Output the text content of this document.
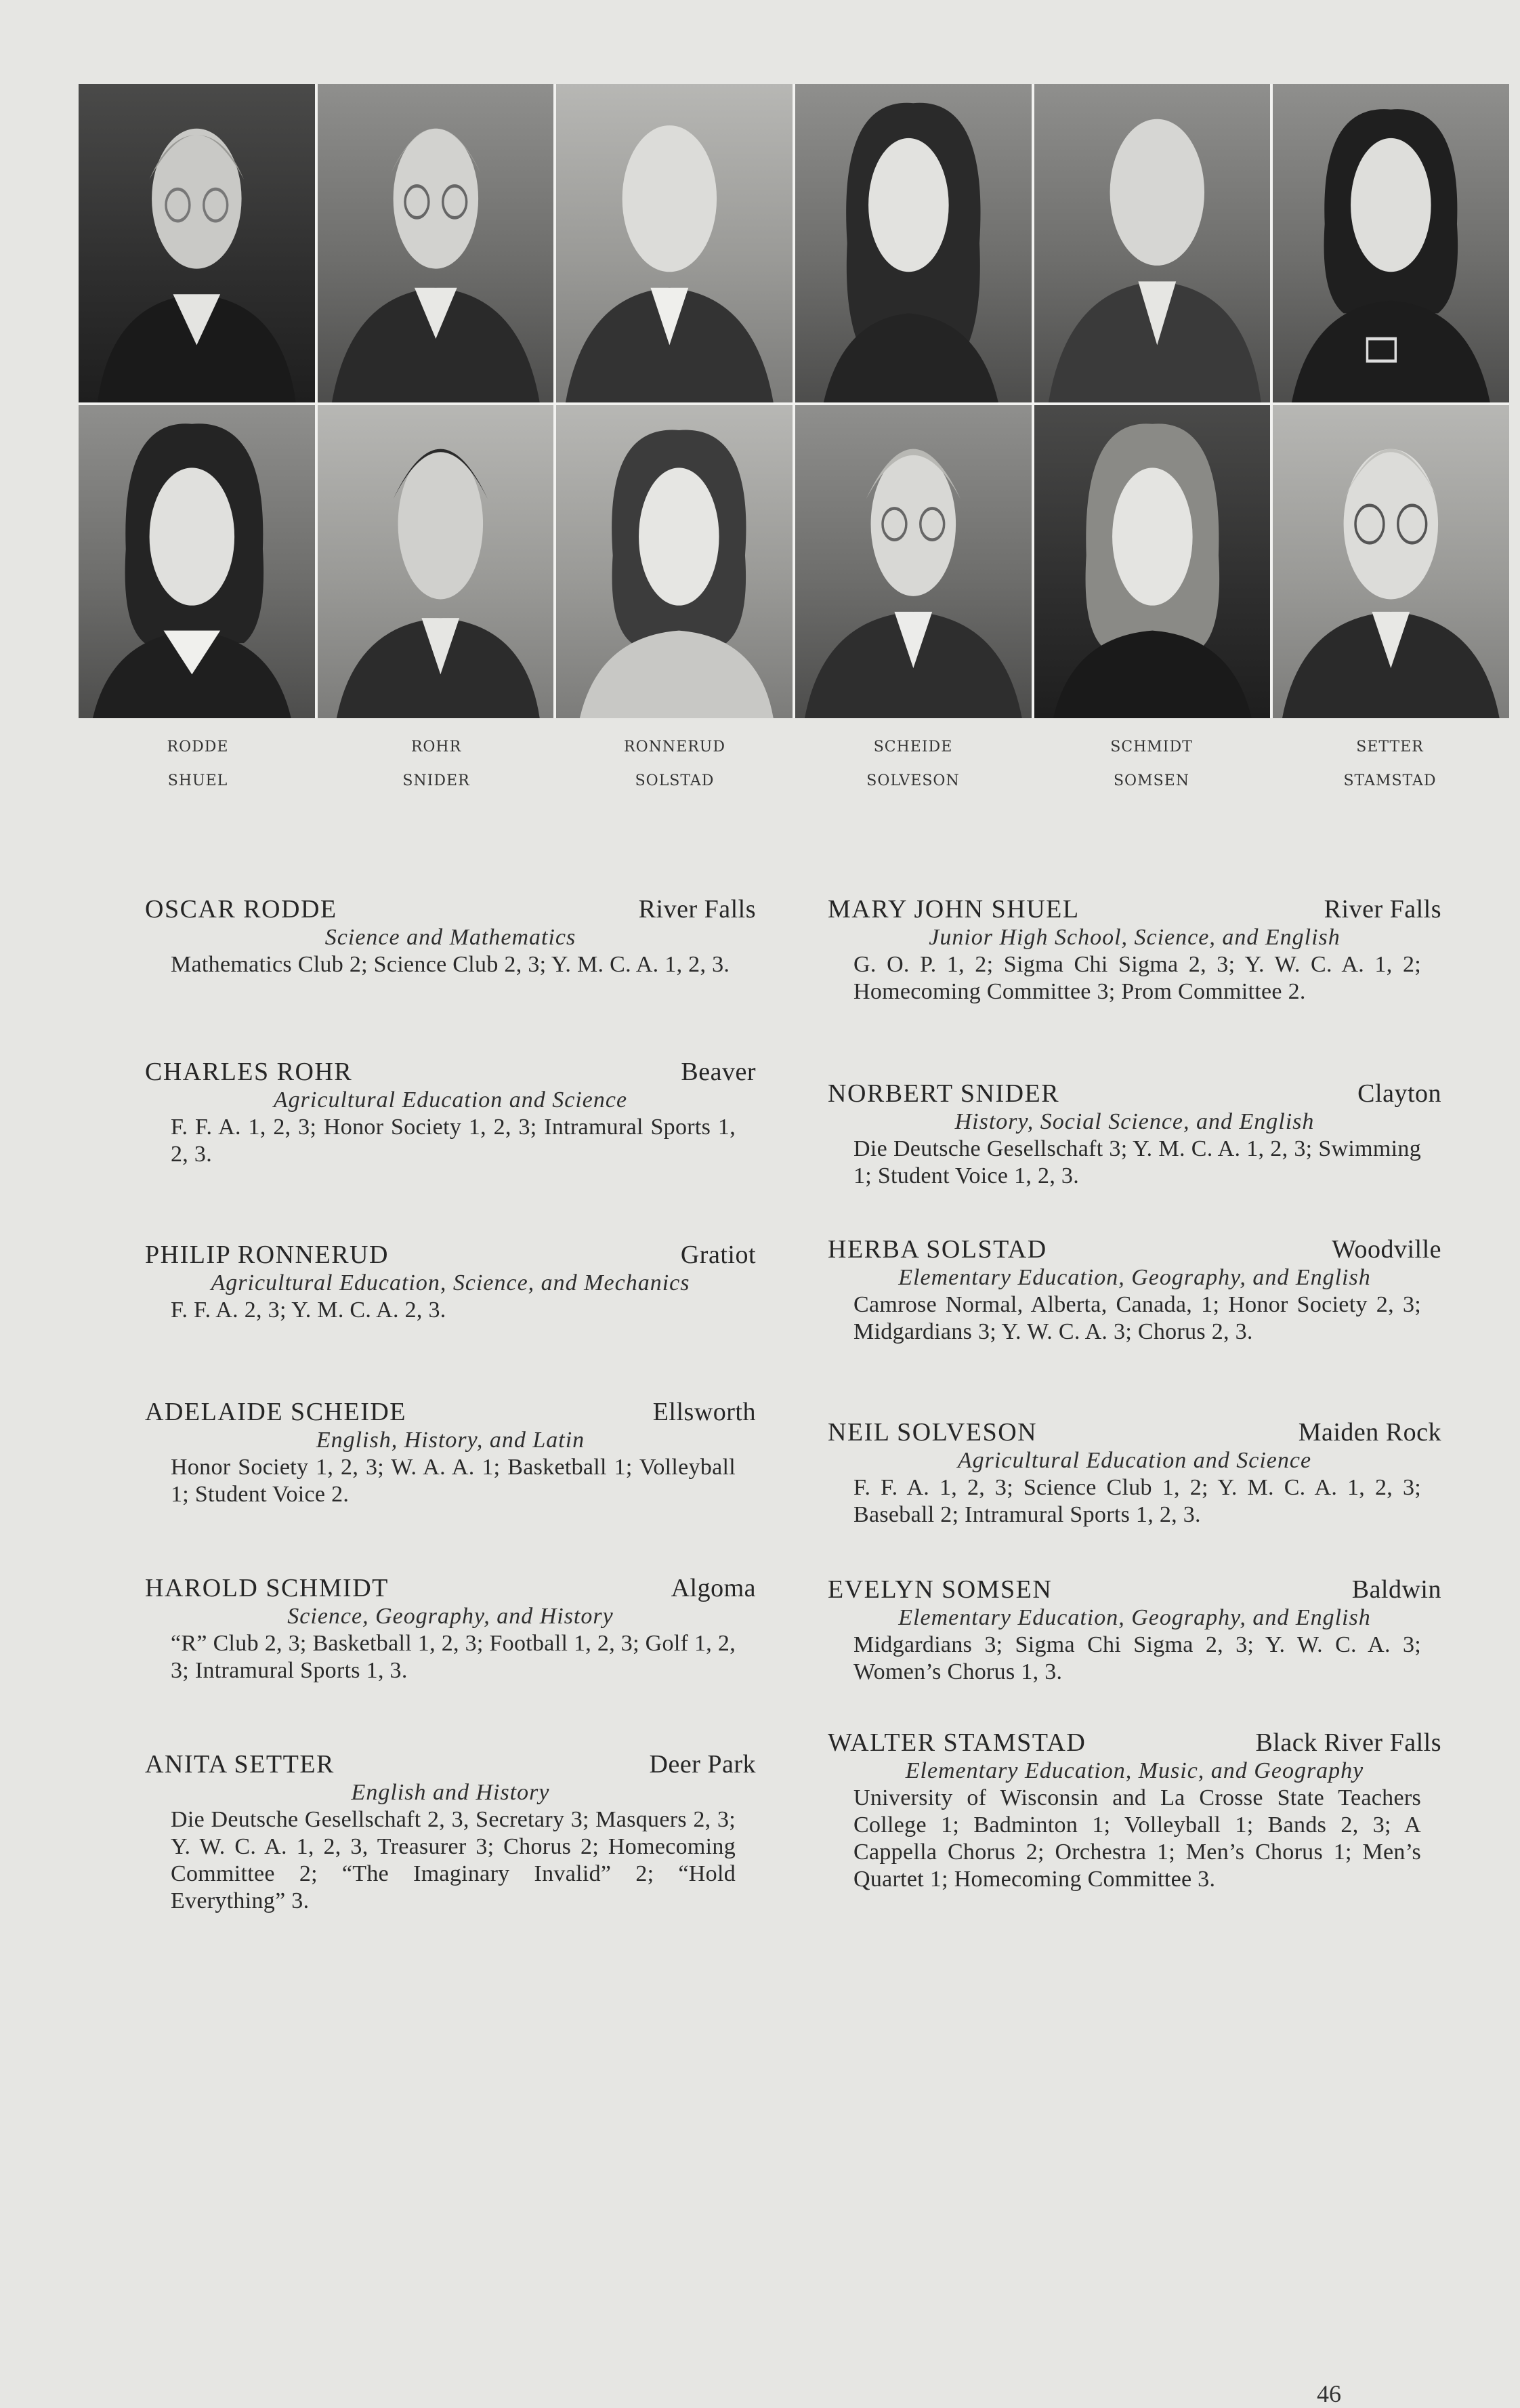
RODDE	ROHR	RONNERUD	SCHEIDE	SCHMIDT	SETTER
SHUEL	SNIDER	SOLSTAD	SOLVESON	SOMSEN	STAMSTAD
OSCAR RODDE	River Falls
Science and Mathematics
Mathematics Club 2; Science Club 2, 3; Y. M. C. A. 1, 2, 3.
CHARLES ROHR	Beaver
Agricultural Education and Science
F. F. A. 1, 2, 3; Honor Society 1, 2, 3; Intramural Sports 1, 2, 3.
PHILIP RONNERUD	Gratiot
Agricultural Education, Science, and Mechanics
F. F. A. 2, 3; Y. M. C. A. 2, 3.
ADELAIDE SCHEIDE	Ellsworth
English, History, and Latin
Honor Society 1, 2, 3; W. A. A. 1; Basketball 1; Volleyball 1; Student Voice 2.
HAROLD SCHMIDT	Algoma
Science, Geography, and History
“R” Club 2, 3; Basketball 1, 2, 3; Football 1, 2, 3; Golf 1, 2, 3; Intramural Sports 1, 3.
ANITA SETTER	Deer Park
English and History
Die Deutsche Gesellschaft 2, 3, Secretary 3; Masquers 2, 3; Y. W. C. A. 1, 2, 3, Treasurer 3; Chorus 2; Homecoming Committee 2; “The Imaginary Invalid” 2; “Hold Everything” 3.
MARY JOHN SHUEL	River Falls
Junior High School, Science, and English
G. O. P. 1, 2; Sigma Chi Sigma 2, 3; Y. W. C. A. 1, 2; Homecoming Committee 3; Prom Committee 2.
NORBERT SNIDER	Clayton
History, Social Science, and English
Die Deutsche Gesellschaft 3; Y. M. C. A. 1, 2, 3; Swimming 1; Student Voice 1, 2, 3.
HERBA SOLSTAD	Woodville
Elementary Education, Geography, and English
Camrose Normal, Alberta, Canada, 1; Honor Society 2, 3; Midgardians 3; Y. W. C. A. 3; Chorus 2, 3.
NEIL SOLVESON	Maiden Rock
Agricultural Education and Science
F. F. A. 1, 2, 3; Science Club 1, 2; Y. M. C. A. 1, 2, 3; Baseball 2; Intramural Sports 1, 2, 3.
EVELYN SOMSEN	Baldwin
Elementary Education, Geography, and English
Midgardians 3; Sigma Chi Sigma 2, 3; Y. W. C. A. 3; Women’s Chorus 1, 3.
WALTER STAMSTAD	Black River Falls
Elementary Education, Music, and Geography
University of Wisconsin and La Crosse State Teachers College 1; Badminton 1; Volleyball 1; Bands 2, 3; A Cappella Chorus 2; Orchestra 1; Men’s Chorus 1; Men’s Quartet 1; Homecoming Committee 3.
46
